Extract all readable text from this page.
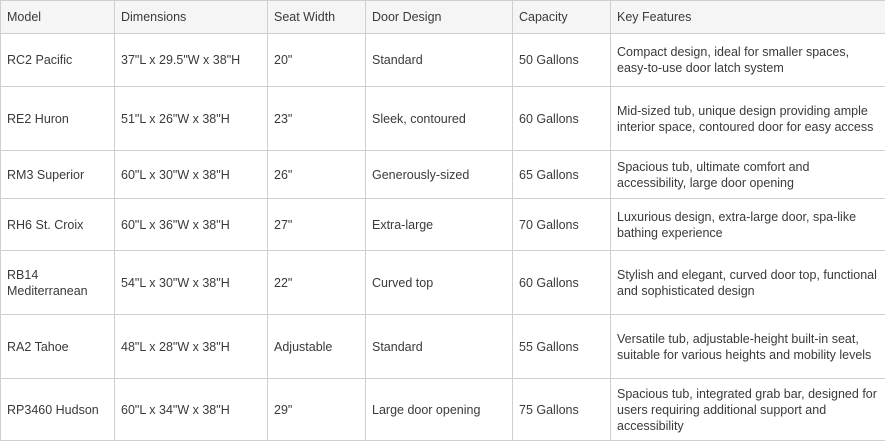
Model	Dimensions	Seat Width	Door Design	Capacity	Key Features
RC2 Pacific	37"L x 29.5"W x 38"H	20"	Standard	50 Gallons	Compact design, ideal for smaller spaces, easy-to-use door latch system
RE2 Huron	51"L x 26"W x 38"H	23"	Sleek, contoured	60 Gallons	Mid-sized tub, unique design providing ample interior space, contoured door for easy access
RM3 Superior	60"L x 30"W x 38"H	26"	Generously-sized	65 Gallons	Spacious tub, ultimate comfort and accessibility, large door opening
RH6 St. Croix	60"L x 36"W x 38"H	27"	Extra-large	70 Gallons	Luxurious design, extra-large door, spa-like bathing experience
RB14 Mediterranean	54"L x 30"W x 38"H	22"	Curved top	60 Gallons	Stylish and elegant, curved door top, functional and sophisticated design
RA2 Tahoe	48"L x 28"W x 38"H	Adjustable	Standard	55 Gallons	Versatile tub, adjustable-height built-in seat, suitable for various heights and mobility levels
RP3460 Hudson	60"L x 34"W x 38"H	29"	Large door opening	75 Gallons	Spacious tub, integrated grab bar, designed for users requiring additional support and accessibility
